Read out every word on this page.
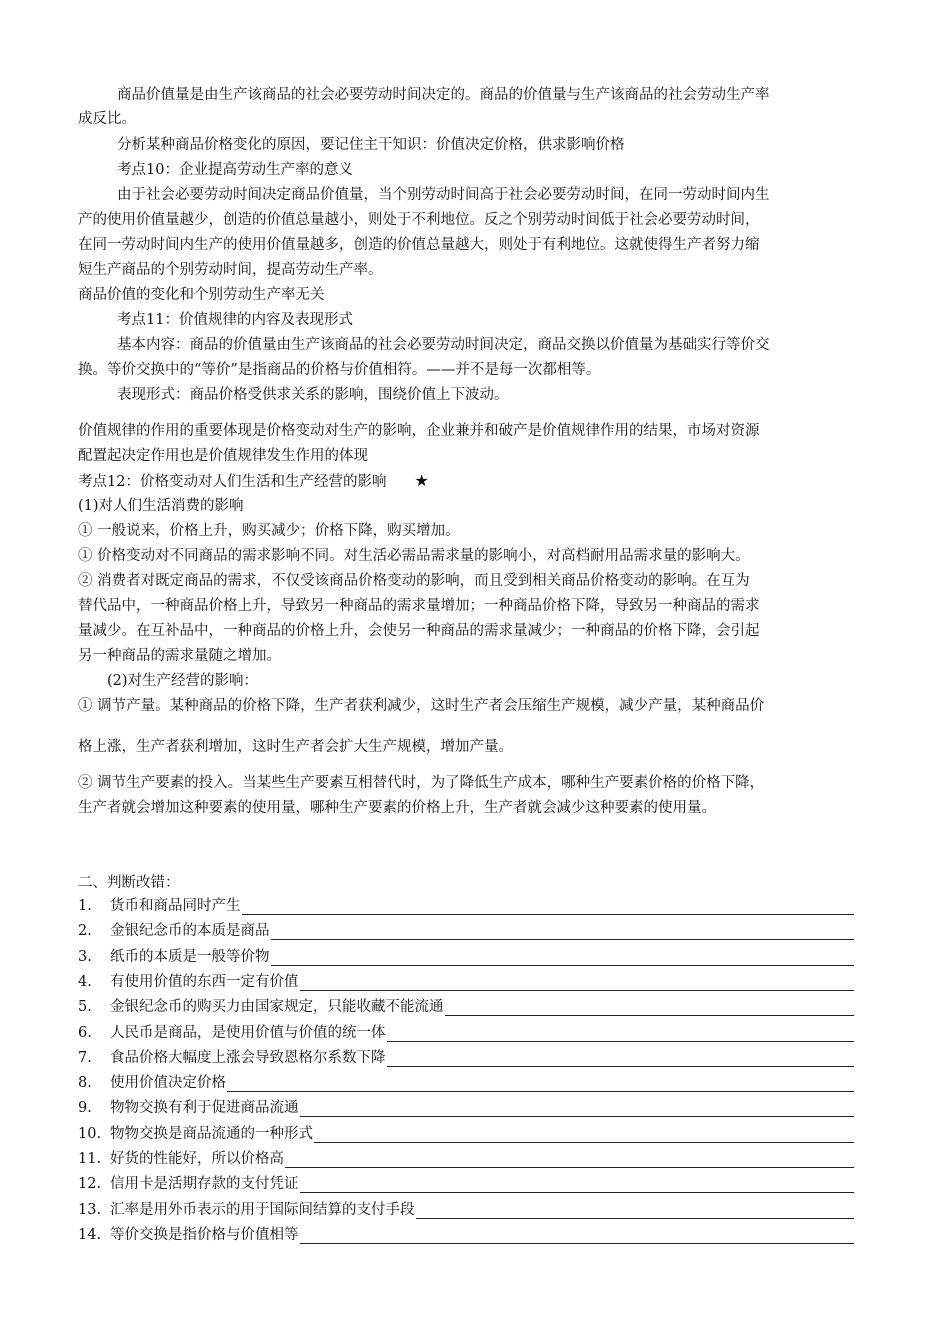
商品价值量是由生产该商品的社会必要劳动时间决定的。商品的价值量与生产该商品的社会劳动生产率
成反比。
分析某种商品价格变化的原因，要记住主干知识：价值决定价格，供求影响价格
考点10：企业提高劳动生产率的意义
由于社会必要劳动时间决定商品价值量，当个别劳动时间高于社会必要劳动时间，在同一劳动时间内生
产的使用价值量越少，创造的价值总量越小，则处于不利地位。反之个别劳动时间低于社会必要劳动时间，
在同一劳动时间内生产的使用价值量越多，创造的价值总量越大，则处于有利地位。这就使得生产者努力缩
短生产商品的个别劳动时间，提高劳动生产率。
商品价值的变化和个别劳动生产率无关
考点11：价值规律的内容及表现形式
基本内容：商品的价值量由生产该商品的社会必要劳动时间决定，商品交换以价值量为基础实行等价交
换。等价交换中的“等价”是指商品的价格与价值相符。——并不是每一次都相等。
表现形式：商品价格受供求关系的影响，围绕价值上下波动。
价值规律的作用的重要体现是价格变动对生产的影响，企业兼并和破产是价值规律作用的结果，市场对资源
配置起决定作用也是价值规律发生作用的体现
考点12：价格变动对人们生活和生产经营的影响 ★
(1)对人们生活消费的影响
① 一般说来，价格上升，购买减少；价格下降，购买增加。
① 价格变动对不同商品的需求影响不同。对生活必需品需求量的影响小，对高档耐用品需求量的影响大。
② 消费者对既定商品的需求，不仅受该商品价格变动的影响，而且受到相关商品价格变动的影响。在互为
替代品中，一种商品价格上升，导致另一种商品的需求量增加；一种商品价格下降，导致另一种商品的需求
量减少。在互补品中，一种商品的价格上升，会使另一种商品的需求量减少；一种商品的价格下降，会引起
另一种商品的需求量随之增加。
(2)对生产经营的影响：
① 调节产量。某种商品的价格下降，生产者获利减少，这时生产者会压缩生产规模，减少产量，某种商品价
格上涨，生产者获利增加，这时生产者会扩大生产规模，增加产量。
② 调节生产要素的投入。当某些生产要素互相替代时，为了降低生产成本，哪种生产要素价格的价格下降，
生产者就会增加这种要素的使用量，哪种生产要素的价格上升，生产者就会减少这种要素的使用量。
二、判断改错：
1.	货币和商品同时产生
2.	金银纪念币的本质是商品
3.	纸币的本质是一般等价物
4.	有使用价值的东西一定有价值
5.	金银纪念币的购买力由国家规定，只能收藏不能流通
6.	人民币是商品，是使用价值与价值的统一体
7.	食品价格大幅度上涨会导致恩格尔系数下降
8.	使用价值决定价格
9.	物物交换有利于促进商品流通
10. 物物交换是商品流通的一种形式
11. 好货的性能好，所以价格高
12. 信用卡是活期存款的支付凭证
13. 汇率是用外币表示的用于国际间结算的支付手段
14. 等价交换是指价格与价值相等
